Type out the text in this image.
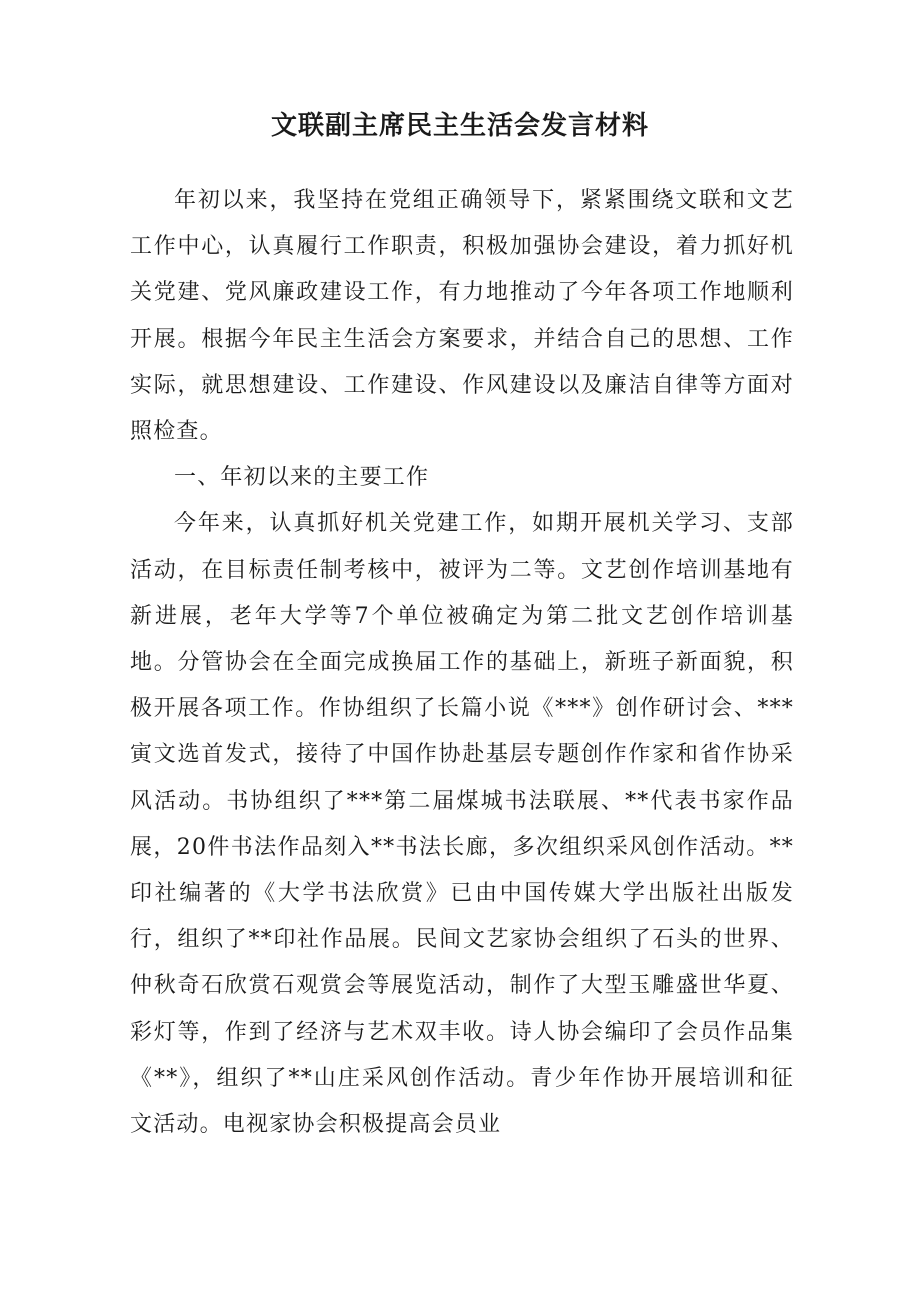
文联副主席民主生活会发言材料

年初以来，我坚持在党组正确领导下，紧紧围绕文联和文艺工作中心，认真履行工作职责，积极加强协会建设，着力抓好机关党建、党风廉政建设工作，有力地推动了今年各项工作地顺利开展。根据今年民主生活会方案要求，并结合自己的思想、工作实际，就思想建设、工作建设、作风建设以及廉洁自律等方面对照检查。

一、年初以来的主要工作

今年来，认真抓好机关党建工作，如期开展机关学习、支部活动，在目标责任制考核中，被评为二等。文艺创作培训基地有新进展，老年大学等7个单位被确定为第二批文艺创作培训基地。分管协会在全面完成换届工作的基础上，新班子新面貌，积极开展各项工作。作协组织了长篇小说《***》创作研讨会、***寅文选首发式，接待了中国作协赴基层专题创作作家和省作协采风活动。书协组织了***第二届煤城书法联展、**代表书家作品展，20件书法作品刻入**书法长廊，多次组织采风创作活动。**印社编著的《大学书法欣赏》已由中国传媒大学出版社出版发行，组织了**印社作品展。民间文艺家协会组织了石头的世界、仲秋奇石欣赏石观赏会等展览活动，制作了大型玉雕盛世华夏、彩灯等，作到了经济与艺术双丰收。诗人协会编印了会员作品集《**》，组织了**山庄采风创作活动。青少年作协开展培训和征文活动。电视家协会积极提高会员业
